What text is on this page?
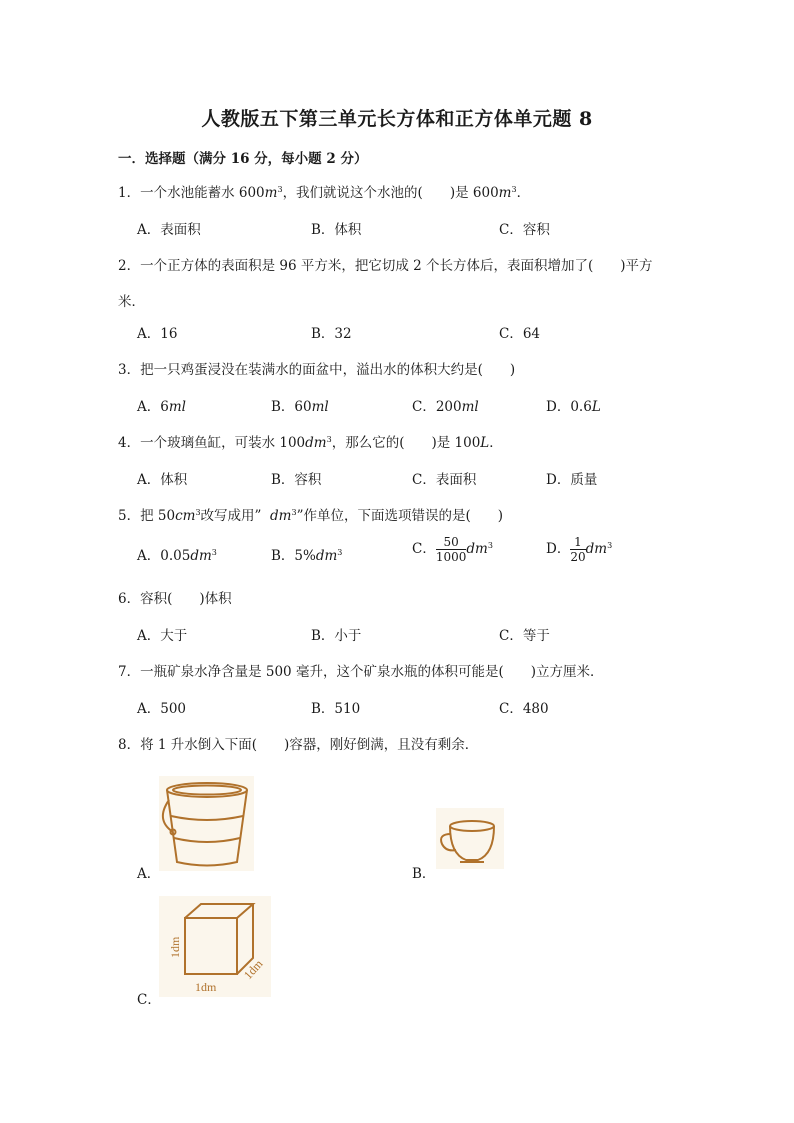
人教版五下第三单元长方体和正方体单元题 8
一．选择题（满分 16 分，每小题 2 分）
1．一个水池能蓄水 $600m^3$，我们就说这个水池的(　　)是 $600m^3$．
A．表面积	B．体积	C．容积
2．一个正方体的表面积是 96 平方米，把它切成 2 个长方体后，表面积增加了(　　)平方
米．
A．16	B．32	C．64
3．把一只鸡蛋浸没在装满水的面盆中，溢出水的体积大约是(　　)
A．6ml	B．60ml	C．200ml	D．0.6L
4．一个玻璃鱼缸，可装水 $100dm^3$，那么它的(　　)是 100L．
A．体积	B．容积	C．表面积	D．质量
5．把 $50cm^3$改写成用” $dm^3$”作单位，下面选项错误的是(　　)
A．$0.05dm^3$	B．$5\%dm^3$	C． $\frac{50}{1000} dm^3$	D． $\frac{1}{20} dm^3$
6．容积(　　)体积
A．大于	B．小于	C．等于
7．一瓶矿泉水净含量是 500 毫升，这个矿泉水瓶的体积可能是(　　)立方厘米．
A．500	B．510	C．480
8．将 1 升水倒入下面(　　)容器，刚好倒满，且没有剩余．
A．	B．
1dm
1dm
1dm
C．
